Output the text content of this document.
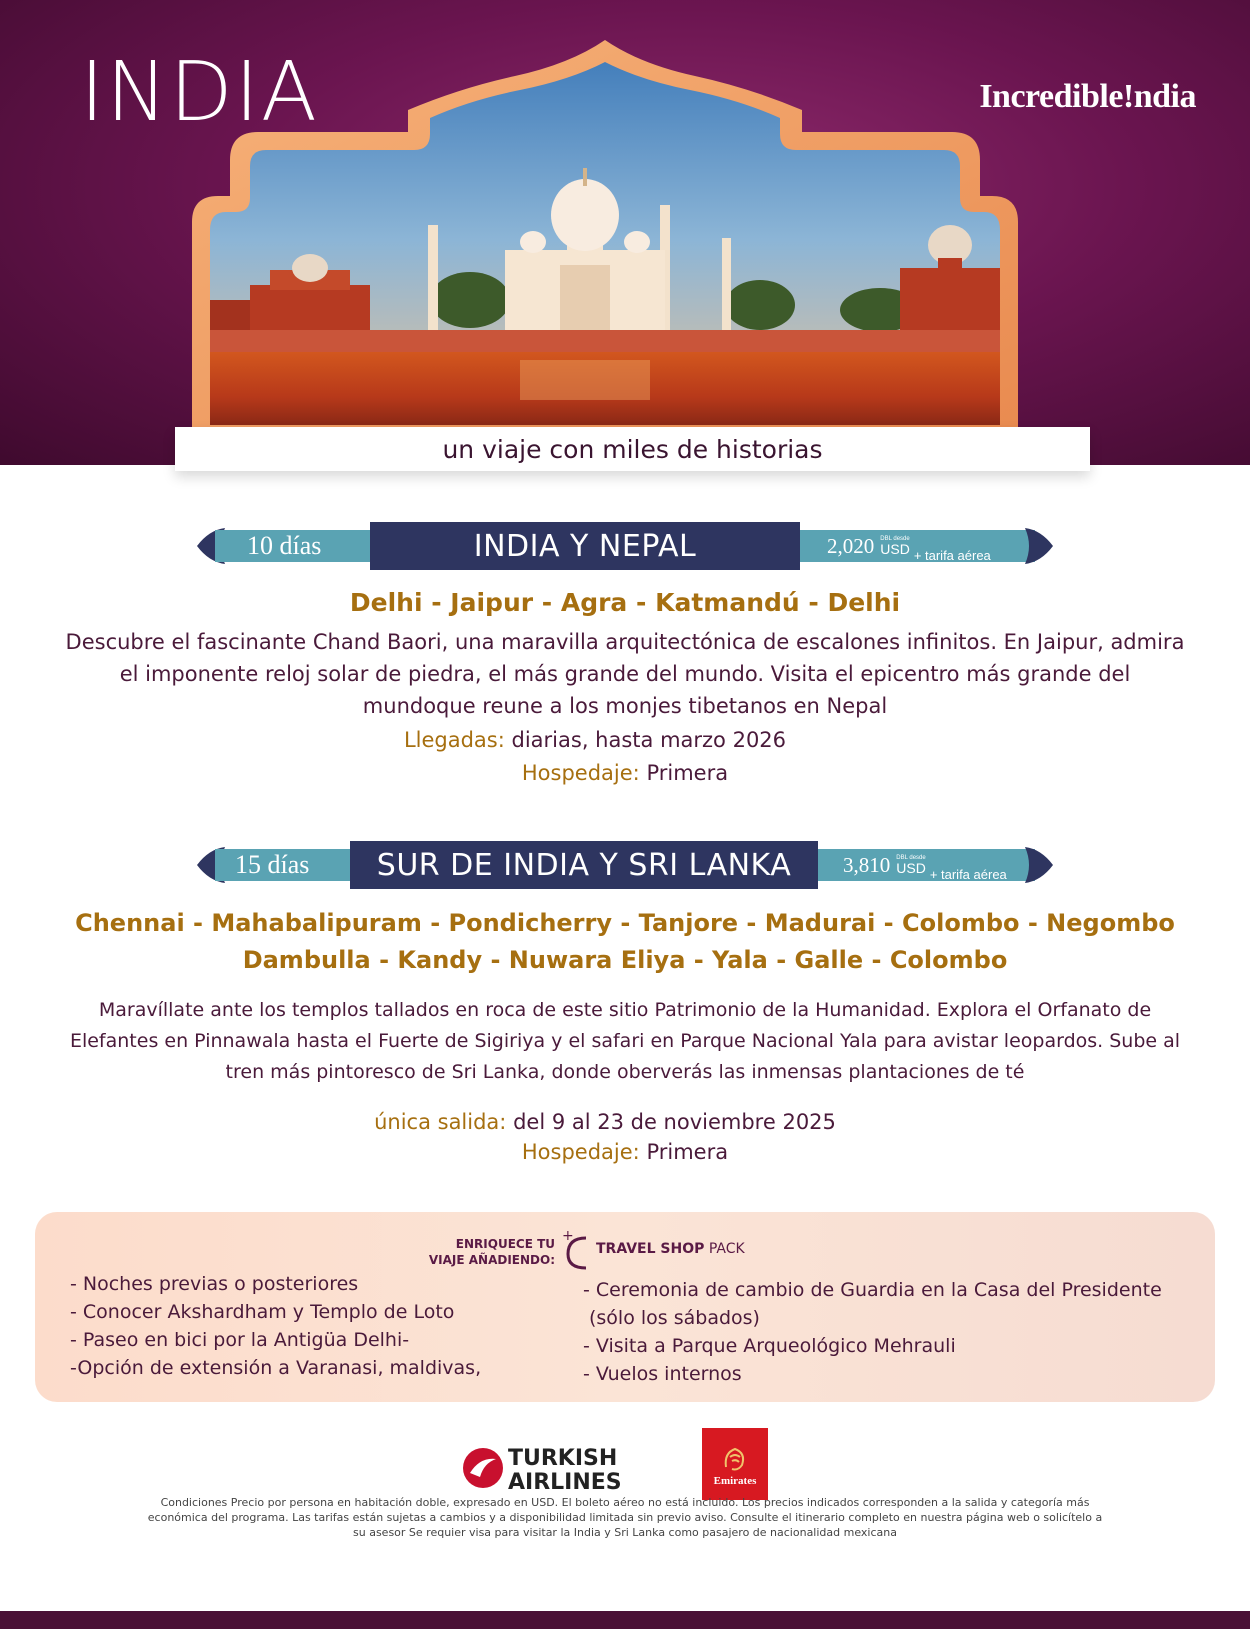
INDIA	Incredible!ndia
un viaje con miles de historias
10 días	INDIA Y NEPAL	2,020 DBL desde
USD + tarifa aérea
Delhi - Jaipur - Agra - Katmandú - Delhi
Descubre el fascinante Chand Baori, una maravilla arquitectónica de escalones infinitos. En Jaipur, admira el imponente reloj solar de piedra, el más grande del mundo. Visita el epicentro más grande del mundoque reune a los monjes tibetanos en Nepal
Llegadas: diarias, hasta marzo 2026
Hospedaje: Primera
15 días	SUR DE INDIA Y SRI LANKA	3,810 DBL desde
USD + tarifa aérea
Chennai - Mahabalipuram - Pondicherry - Tanjore - Madurai - Colombo - Negombo
Dambulla - Kandy - Nuwara Eliya - Yala - Galle - Colombo
Maravíllate ante los templos tallados en roca de este sitio Patrimonio de la Humanidad. Explora el Orfanato de Elefantes en Pinnawala hasta el Fuerte de Sigiriya y el safari en Parque Nacional Yala para avistar leopardos. Sube al tren más pintoresco de Sri Lanka, donde oberverás las inmensas plantaciones de té
única salida: del 9 al 23 de noviembre 2025
Hospedaje: Primera
ENRIQUECE TU
VIAJE AÑADIENDO:
+
TRAVEL SHOP PACK
- Noches previas o posteriores
- Conocer Akshardham y Templo de Loto
- Paseo en bici por la Antigüa Delhi-
-Opción de extensión a Varanasi, maldivas,
- Ceremonia de cambio de Guardia en la Casa del Presidente
(sólo los sábados)
- Visita a Parque Arqueológico Mehrauli
- Vuelos internos
TURKISH
AIRLINES	Emirates
Condiciones Precio por persona en habitación doble, expresado en USD. El boleto aéreo no está incluido. Los precios indicados corresponden a la salida y categoría más económica del programa. Las tarifas están sujetas a cambios y a disponibilidad limitada sin previo aviso. Consulte el itinerario completo en nuestra página web o solicítelo a su asesor Se requier visa para visitar la India y Sri Lanka como pasajero de nacionalidad mexicana
